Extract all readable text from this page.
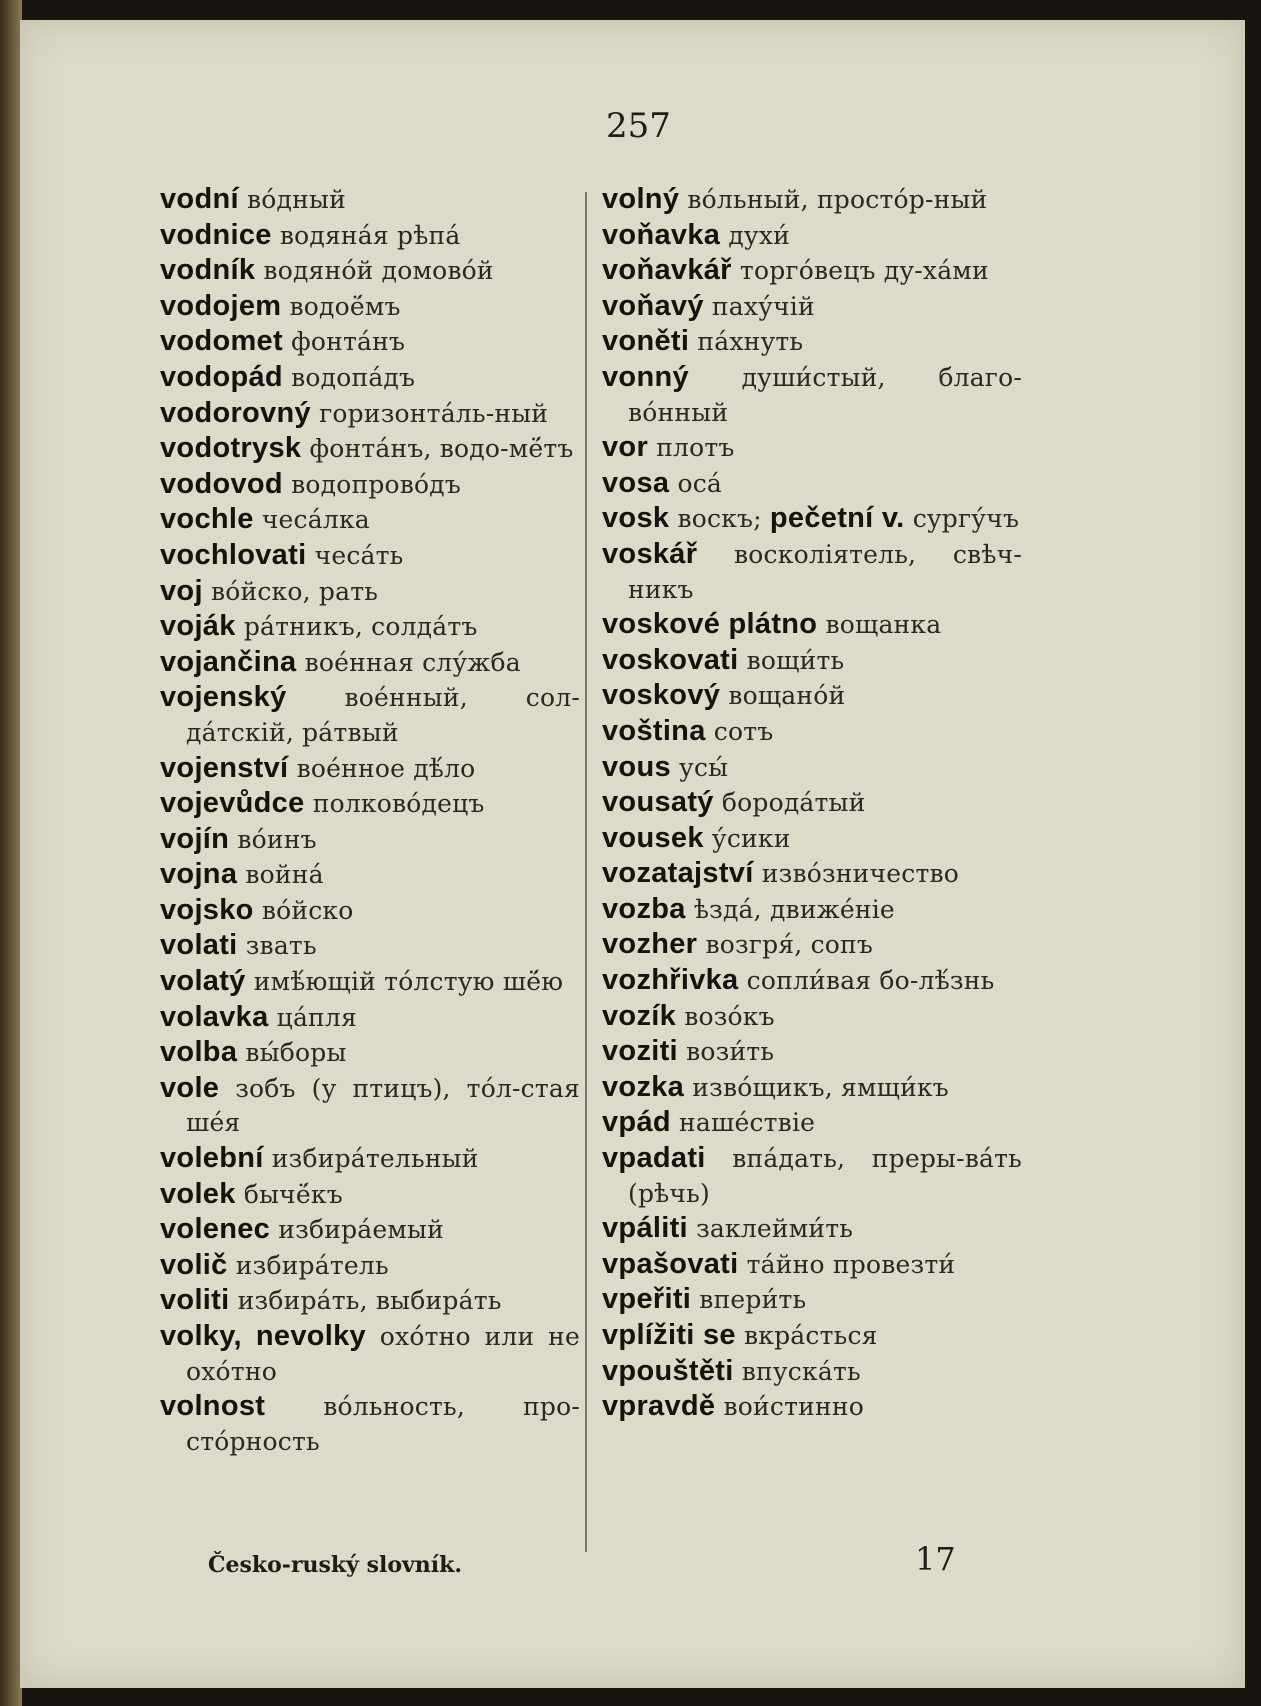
257
vodní во́дный
vodnice водяна́я рѣпа́
vodník водяно́й домово́й
vodojem водоё́мъ
vodomet фонта́нъ
vodopád водопа́дъ
vodorovný горизонта́ль-ный
vodotrysk фонта́нъ, водо-мё́тъ
vodovod водопрово́дъ
vochle чеса́лка
vochlovati чеса́ть
voj во́йско, рать
voják ра́тникъ, солда́тъ
vojančina вое́нная слу́жба
vojenský вое́нный, сол-да́тскій, ра́твый
vojenství вое́нное дѣ́ло
vojevůdce полково́децъ
vojín во́инъ
vojna война́
vojsko во́йско
volati звать
volatý имѣ́ющій то́лстую шё́ю
volavka ца́пля
volba вы́боры
vole зобъ (у птицъ), то́л-стая ше́я
volební избира́тельный
volek бычё́къ
volenec избира́емый
volič избира́тель
voliti избира́ть, выбира́ть
volky, nevolky охо́тно или не охо́тно
volnost во́льность, про-сто́рность
volný во́льный, просто́р-ный
voňavka духи́
voňavkář торго́вецъ ду-ха́ми
voňavý паху́чій
voněti па́хнуть
vonný души́стый, благо-во́нный
vor плотъ
vosa оса́
vosk воскъ; pečetní v. сургу́чъ
voskář восколіятель, свѣч-никъ
voskové plátno вощанка
voskovati вощи́ть
voskový вощано́й
voština сотъ
vous усы́
vousatý борода́тый
vousek у́сики
vozatajství изво́зничество
vozba ѣзда́, движе́ніе
vozher возгря́, сопъ
vozhřivka сопли́вая бо-лѣ́знь
vozík возо́къ
voziti вози́ть
vozka изво́щикъ, ямщи́къ
vpád наше́ствіе
vpadati впа́дать, преры-ва́ть (рѣчь)
vpáliti заклейми́ть
vpašovati та́йно провезти́
vpeřiti впери́ть
vplížiti se вкра́сться
vpouštěti впуска́ть
vpravdě вои́стинно
Česko-ruský slovník.	17
